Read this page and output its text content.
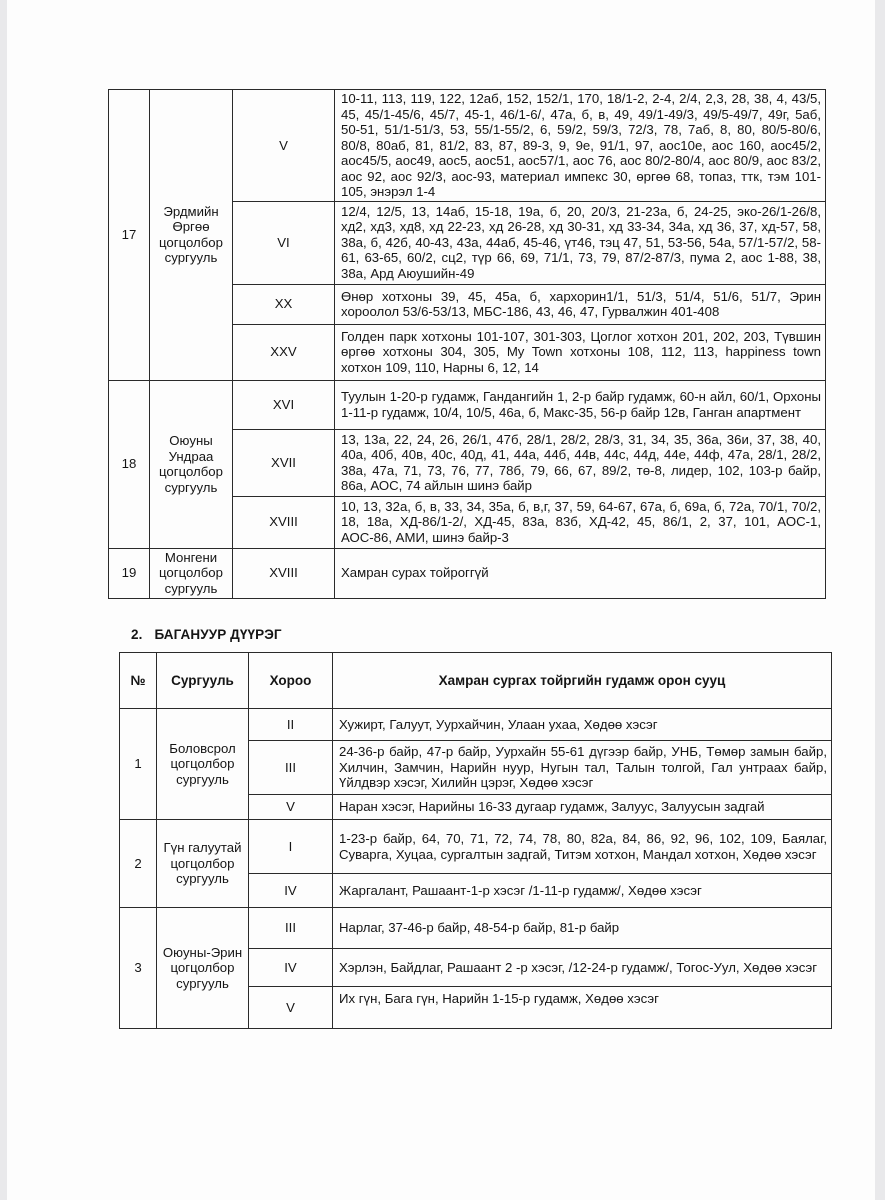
17	Эрдмийн Өргөө цогцолбор сургууль	V	10-11, 113, 119, 122, 12аб, 152, 152/1, 170, 18/1-2, 2-4, 2/4, 2,3, 28, 38, 4, 43/5, 45, 45/1-45/6, 45/7, 45-1, 46/1-6/, 47а, б, в, 49, 49/1-49/3, 49/5-49/7, 49г, 5аб, 50-51, 51/1-51/3, 53, 55/1-55/2, 6, 59/2, 59/3, 72/3, 78, 7аб, 8, 80, 80/5-80/6, 80/8, 80аб, 81, 81/2, 83, 87, 89-3, 9, 9е, 91/1, 97, аос10е, аос 160, аос45/2, аос45/5, аос49, аос5, аос51, аос57/1, аос 76, аос 80/2-80/4, аос 80/9, аос 83/2, аос 92, аос 92/3, аос-93, материал импекс 30, өргөө 68, топаз, ттк, тэм 101-105, энэрэл 1-4
		VI	12/4, 12/5, 13, 14аб, 15-18, 19а, б, 20, 20/3, 21-23а, б, 24-25, эко-26/1-26/8, хд2, хд3, хд8, хд 22-23, хд 26-28, хд 30-31, хд 33-34, 34а, хд 36, 37, хд-57, 58, 38а, б, 42б, 40-43, 43а, 44аб, 45-46, үт46, тэц 47, 51, 53-56, 54а, 57/1-57/2, 58-61, 63-65, 60/2, сц2, түр 66, 69, 71/1, 73, 79, 87/2-87/3, пума 2, аос 1-88, 38, 38а, Ард Аюушийн-49
		XX	Өнөр хотхоны 39, 45, 45а, б, хархорин1/1, 51/3, 51/4, 51/6, 51/7, Эрин хороолол 53/6-53/13, МБС-186, 43, 46, 47, Гурвалжин 401-408
		XXV	Голден парк хотхоны 101-107, 301-303, Цоглог хотхон 201, 202, 203, Түвшин өргөө хотхоны 304, 305, My Town хотхоны 108, 112, 113, happiness town хотхон 109, 110, Нарны 6, 12, 14
18	Оюуны Ундраа цогцолбор сургууль	XVI	Туулын 1-20-р гудамж, Гандангийн 1, 2-р байр гудамж, 60-н айл, 60/1, Орхоны 1-11-р гудамж, 10/4, 10/5, 46а, б, Макс-35, 56-р байр 12в, Ганган апартмент
		XVII	13, 13а, 22, 24, 26, 26/1, 47б, 28/1, 28/2, 28/3, 31, 34, 35, 36а, 36и, 37, 38, 40, 40а, 40б, 40в, 40с, 40д, 41, 44а, 44б, 44в, 44с, 44д, 44е, 44ф, 47а, 28/1, 28/2, 38а, 47а, 71, 73, 76, 77, 78б, 79, 66, 67, 89/2, тө-8, лидер, 102, 103-р байр, 86а, АОС, 74 айлын шинэ байр
		XVIII	10, 13, 32а, б, в, 33, 34, 35а, б, в,г, 37, 59, 64-67, 67а, б, 69а, б, 72а, 70/1, 70/2, 18, 18а, ХД-86/1-2/, ХД-45, 83а, 83б, ХД-42, 45, 86/1, 2, 37, 101, АОС-1, АОС-86, АМИ, шинэ байр-3
19	Монгени цогцолбор сургууль	XVIII	Хамран сурах тойроггүй
2. БАГАНУУР ДҮҮРЭГ
№	Сургууль	Хороо	Хамран сургах тойргийн гудамж орон сууц
1	Боловсрол цогцолбор сургууль	II	Хужирт, Галуут, Уурхайчин, Улаан ухаа, Хөдөө хэсэг
		III	24-36-р байр, 47-р байр, Уурхайн 55-61 дүгээр байр, УНБ, Төмөр замын байр, Хилчин, Замчин, Нарийн нуур, Нугын тал, Талын толгой, Гал унтраах байр, Үйлдвэр хэсэг, Хилийн цэрэг, Хөдөө хэсэг
		V	Наран хэсэг, Нарийны 16-33 дугаар гудамж, Залуус, Залуусын задгай
2	Гүн галуутай цогцолбор сургууль	I	1-23-р байр, 64, 70, 71, 72, 74, 78, 80, 82а, 84, 86, 92, 96, 102, 109, Баялаг, Суварга, Хуцаа, сургалтын задгай, Титэм хотхон, Мандал хотхон, Хөдөө хэсэг
		IV	Жаргалант, Рашаант-1-р хэсэг /1-11-р гудамж/, Хөдөө хэсэг
3	Оюуны-Эрин цогцолбор сургууль	III	Нарлаг, 37-46-р байр, 48-54-р байр, 81-р байр
		IV	Хэрлэн, Байдлаг, Рашаант 2 -р хэсэг, /12-24-р гудамж/, Тогос-Уул, Хөдөө хэсэг
		V	Их гүн, Бага гүн, Нарийн 1-15-р гудамж, Хөдөө хэсэг
